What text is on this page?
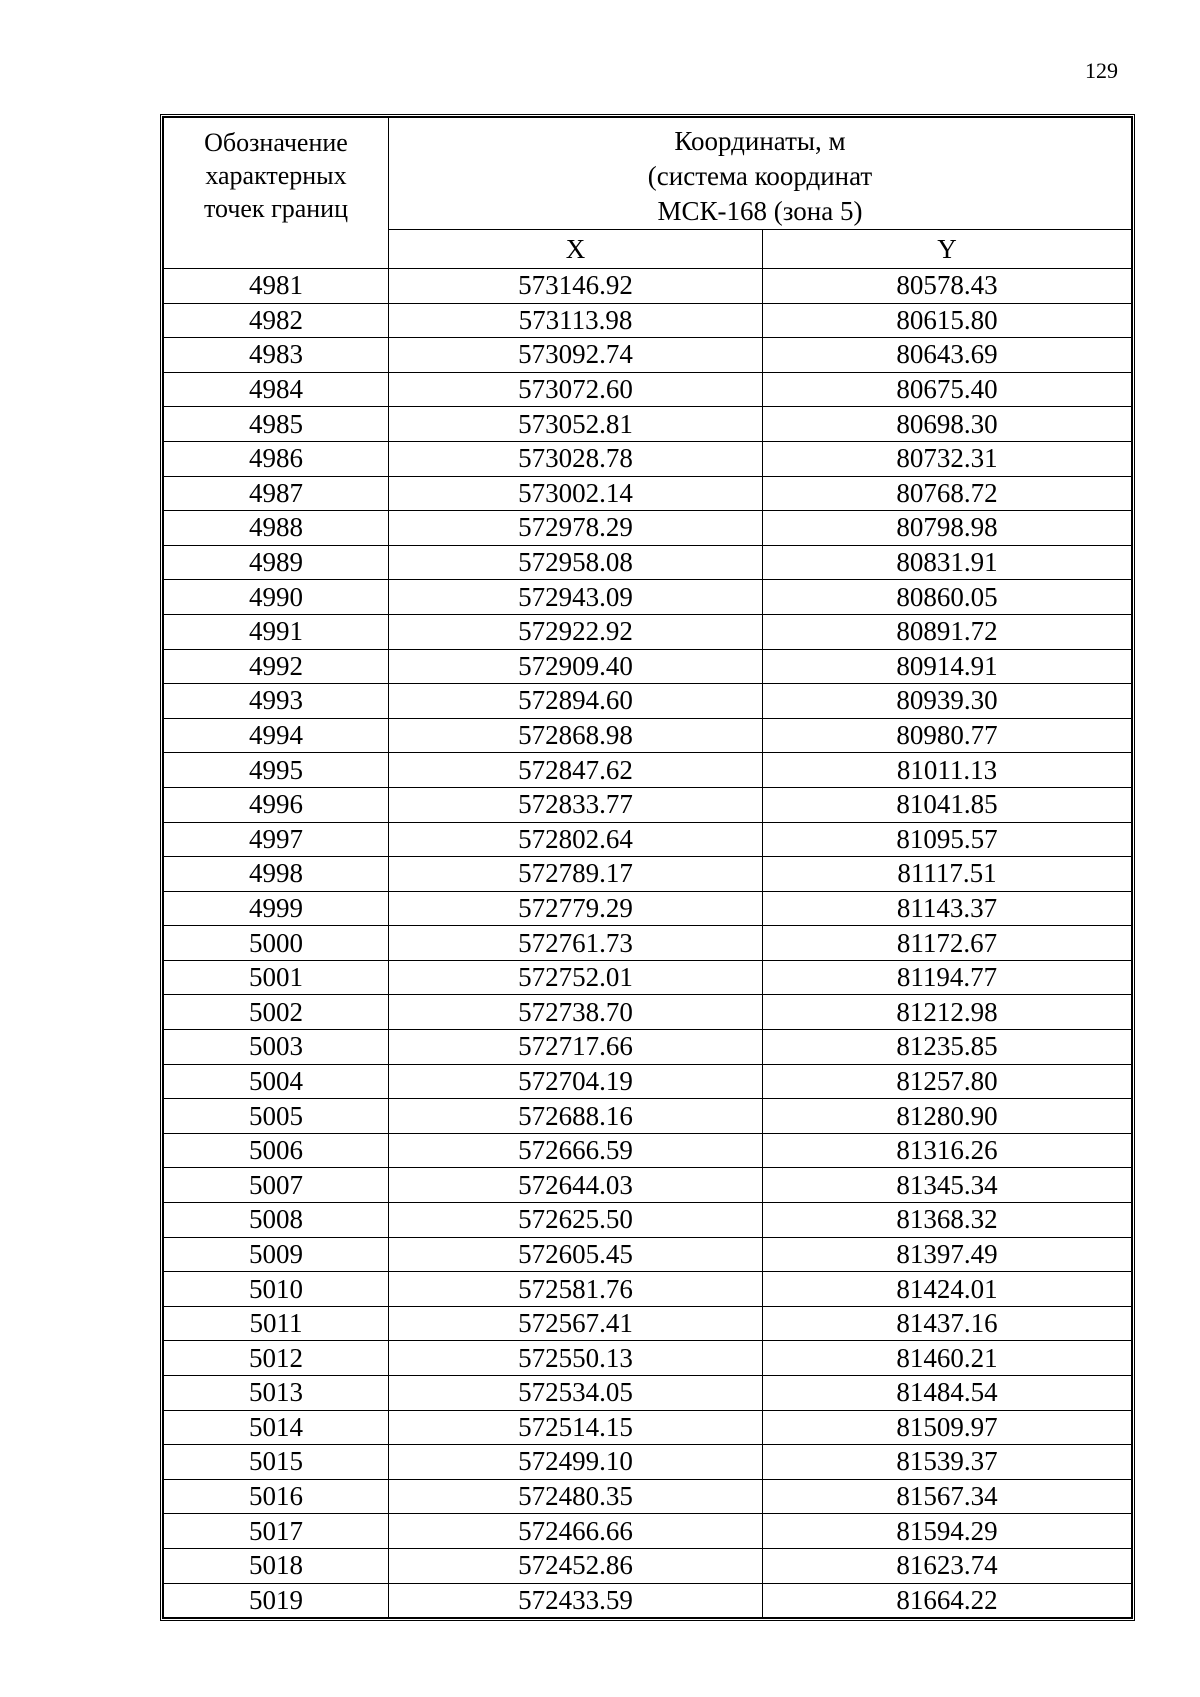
129
Обозначение
характерных
точек границ	Координаты, м
(система координат
МСК-168 (зона 5)	

	X	Y
4981	573146.92	80578.43
4982	573113.98	80615.80
4983	573092.74	80643.69
4984	573072.60	80675.40
4985	573052.81	80698.30
4986	573028.78	80732.31
4987	573002.14	80768.72
4988	572978.29	80798.98
4989	572958.08	80831.91
4990	572943.09	80860.05
4991	572922.92	80891.72
4992	572909.40	80914.91
4993	572894.60	80939.30
4994	572868.98	80980.77
4995	572847.62	81011.13
4996	572833.77	81041.85
4997	572802.64	81095.57
4998	572789.17	81117.51
4999	572779.29	81143.37
5000	572761.73	81172.67
5001	572752.01	81194.77
5002	572738.70	81212.98
5003	572717.66	81235.85
5004	572704.19	81257.80
5005	572688.16	81280.90
5006	572666.59	81316.26
5007	572644.03	81345.34
5008	572625.50	81368.32
5009	572605.45	81397.49
5010	572581.76	81424.01
5011	572567.41	81437.16
5012	572550.13	81460.21
5013	572534.05	81484.54
5014	572514.15	81509.97
5015	572499.10	81539.37
5016	572480.35	81567.34
5017	572466.66	81594.29
5018	572452.86	81623.74
5019	572433.59	81664.22
